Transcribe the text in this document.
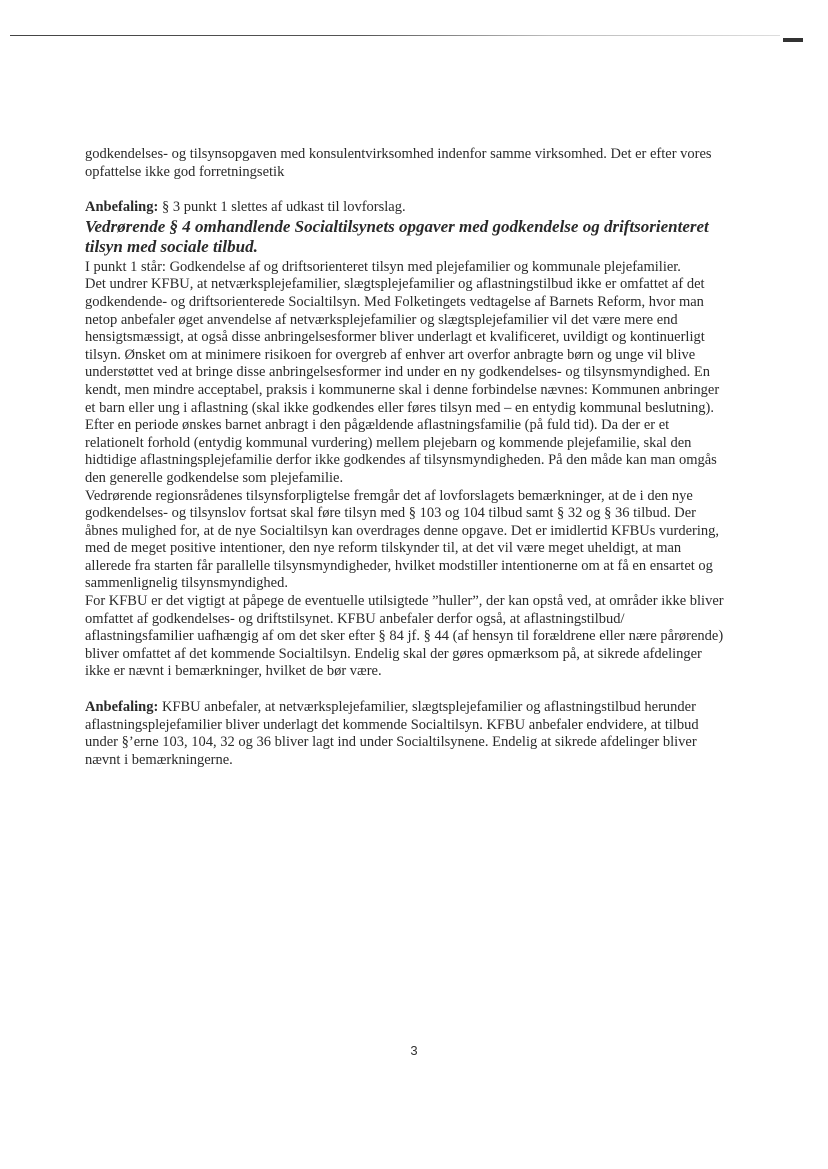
godkendelses- og tilsynsopgaven med konsulentvirksomhed indenfor samme virksomhed. Det er efter vores opfattelse ikke god forretningsetik

Anbefaling: § 3 punkt 1 slettes af udkast til lovforslag.

Vedrørende § 4 omhandlende Socialtilsynets opgaver med godkendelse og driftsorienteret tilsyn med sociale tilbud.

I punkt 1 står: Godkendelse af og driftsorienteret tilsyn med plejefamilier og kommunale plejefamilier.

Det undrer KFBU, at netværksplejefamilier, slægtsplejefamilier og aflastningstilbud ikke er omfattet af det godkendende- og driftsorienterede Socialtilsyn. Med Folketingets vedtagelse af Barnets Reform, hvor man netop anbefaler øget anvendelse af netværksplejefamilier og slægtsplejefamilier vil det være mere end hensigtsmæssigt, at også disse anbringelsesformer bliver underlagt et kvalificeret, uvildigt og kontinuerligt tilsyn. Ønsket om at minimere risikoen for overgreb af enhver art overfor anbragte børn og unge vil blive understøttet ved at bringe disse anbringelsesformer ind under en ny godkendelses- og tilsynsmyndighed. En kendt, men mindre acceptabel, praksis i kommunerne skal i denne forbindelse nævnes: Kommunen anbringer et barn eller ung i aflastning (skal ikke godkendes eller føres tilsyn med – en entydig kommunal beslutning). Efter en periode ønskes barnet anbragt i den pågældende aflastningsfamilie (på fuld tid). Da der er et relationelt forhold (entydig kommunal vurdering) mellem plejebarn og kommende plejefamilie, skal den hidtidige aflastningsplejefamilie derfor ikke godkendes af tilsynsmyndigheden. På den måde kan man omgås den generelle godkendelse som plejefamilie.

Vedrørende regionsrådenes tilsynsforpligtelse fremgår det af lovforslagets bemærkninger, at de i den nye godkendelses- og tilsynslov fortsat skal føre tilsyn med § 103 og 104 tilbud samt § 32 og § 36 tilbud. Der åbnes mulighed for, at de nye Socialtilsyn kan overdrages denne opgave. Det er imidlertid KFBUs vurdering, med de meget positive intentioner, den nye reform tilskynder til, at det vil være meget uheldigt, at man allerede fra starten får parallelle tilsynsmyndigheder, hvilket modstiller intentionerne om at få en ensartet og sammenlignelig tilsynsmyndighed.

For KFBU er det vigtigt at påpege de eventuelle utilsigtede ”huller”, der kan opstå ved, at områder ikke bliver omfattet af godkendelses- og driftstilsynet. KFBU anbefaler derfor også, at aflastningstilbud/ aflastningsfamilier uafhængig af om det sker efter § 84 jf. § 44 (af hensyn til forældrene eller nære pårørende) bliver omfattet af det kommende Socialtilsyn. Endelig skal der gøres opmærksom på, at sikrede afdelinger ikke er nævnt i bemærkninger, hvilket de bør være.

Anbefaling: KFBU anbefaler, at netværksplejefamilier, slægtsplejefamilier og aflastningstilbud herunder aflastningsplejefamilier bliver underlagt det kommende Socialtilsyn. KFBU anbefaler endvidere, at tilbud under §’erne 103, 104, 32 og 36 bliver lagt ind under Socialtilsynene. Endelig at sikrede afdelinger bliver nævnt i bemærkningerne.

3
